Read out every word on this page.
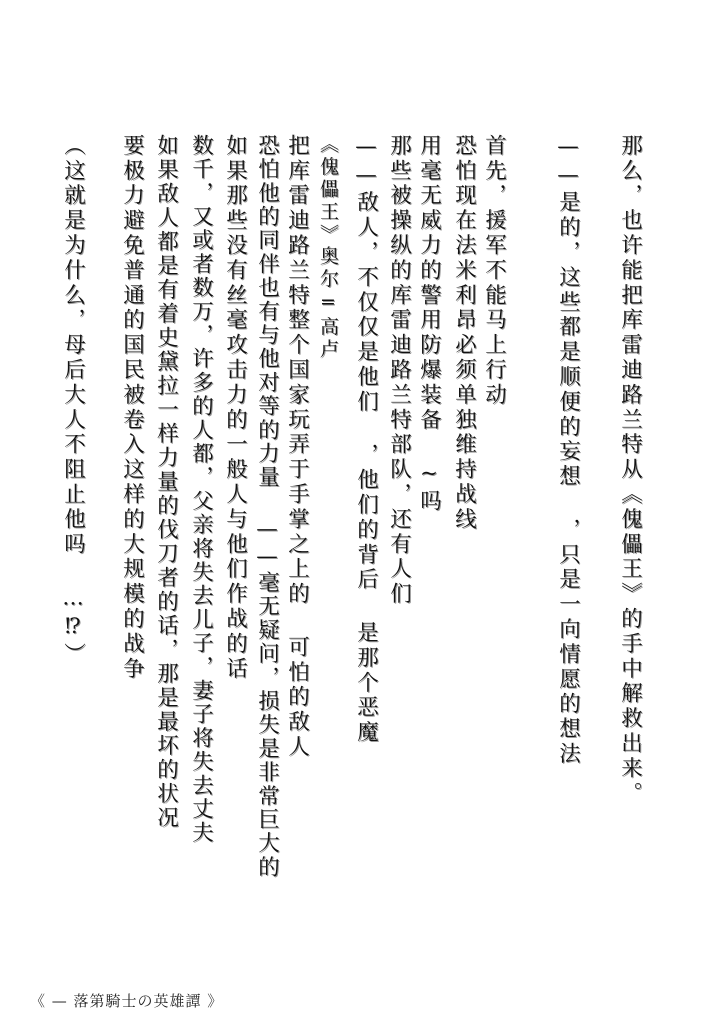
那么，也许能把库雷迪路兰特从《傀儡王》的手中解救出来。
——是的，这些都是顺便的妄想 ，只是一向情愿的想法
首先，援军不能马上行动
恐怕现在法米利昂必须单独维持战线
用毫无威力的警用防爆装备 ~吗
那些被操纵的库雷迪路兰特部队，还有人们
——敌人，不仅仅是他们 ，他们的背后 是那个恶魔
《傀儡王》奥尔=高卢
把库雷迪路兰特整个国家玩弄于手掌之上的 可怕的敌人
恐怕他的同伴也有与他对等的力量 ——毫无疑问，损失是非常巨大的
如果那些没有丝毫攻击力的一般人与他们作战的话
数千，又或者数万，许多的人都，父亲将失去儿子，妻子将失去丈夫
如果敌人都是有着史黛拉一样力量的伐刀者的话，那是最坏的状况
要极力避免普通的国民被卷入这样的大规模的战争
（这就是为什么，母后大人不阻止他吗 …⁉）
《 — 落第騎士の英雄譚 》
